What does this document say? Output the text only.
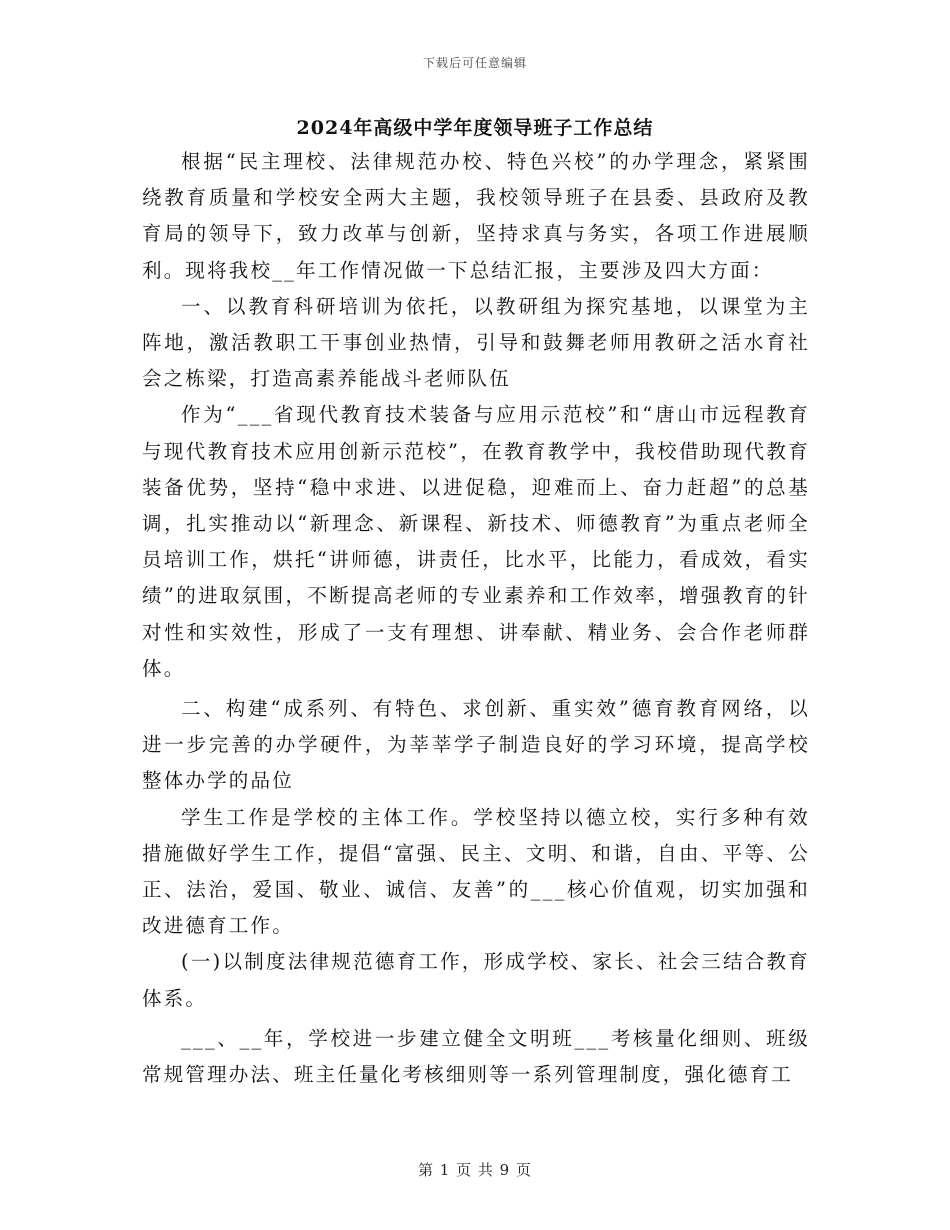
下载后可任意编辑
2024年高级中学年度领导班子工作总结

根据“民主理校、法律规范办校、特色兴校”的办学理念，紧紧围绕教育质量和学校安全两大主题，我校领导班子在县委、县政府及教育局的领导下，致力改革与创新，坚持求真与务实，各项工作进展顺利。现将我校__年工作情况做一下总结汇报，主要涉及四大方面：

一、以教育科研培训为依托，以教研组为探究基地，以课堂为主阵地，激活教职工干事创业热情，引导和鼓舞老师用教研之活水育社会之栋梁，打造高素养能战斗老师队伍

作为“___省现代教育技术装备与应用示范校”和“唐山市远程教育与现代教育技术应用创新示范校”，在教育教学中，我校借助现代教育装备优势，坚持“稳中求进、以进促稳，迎难而上、奋力赶超”的总基调，扎实推动以“新理念、新课程、新技术、师德教育”为重点老师全员培训工作，烘托“讲师德，讲责任，比水平，比能力，看成效，看实绩”的进取氛围，不断提高老师的专业素养和工作效率，增强教育的针对性和实效性，形成了一支有理想、讲奉献、精业务、会合作老师群体。

二、构建“成系列、有特色、求创新、重实效”德育教育网络，以进一步完善的办学硬件，为莘莘学子制造良好的学习环境，提高学校整体办学的品位

学生工作是学校的主体工作。学校坚持以德立校，实行多种有效措施做好学生工作，提倡“富强、民主、文明、和谐，自由、平等、公正、法治，爱国、敬业、诚信、友善”的___核心价值观，切实加强和改进德育工作。

(一)以制度法律规范德育工作，形成学校、家长、社会三结合教育体系。

___、__年，学校进一步建立健全文明班___考核量化细则、班级常规管理办法、班主任量化考核细则等一系列管理制度，强化德育工

第 1 页 共 9 页
